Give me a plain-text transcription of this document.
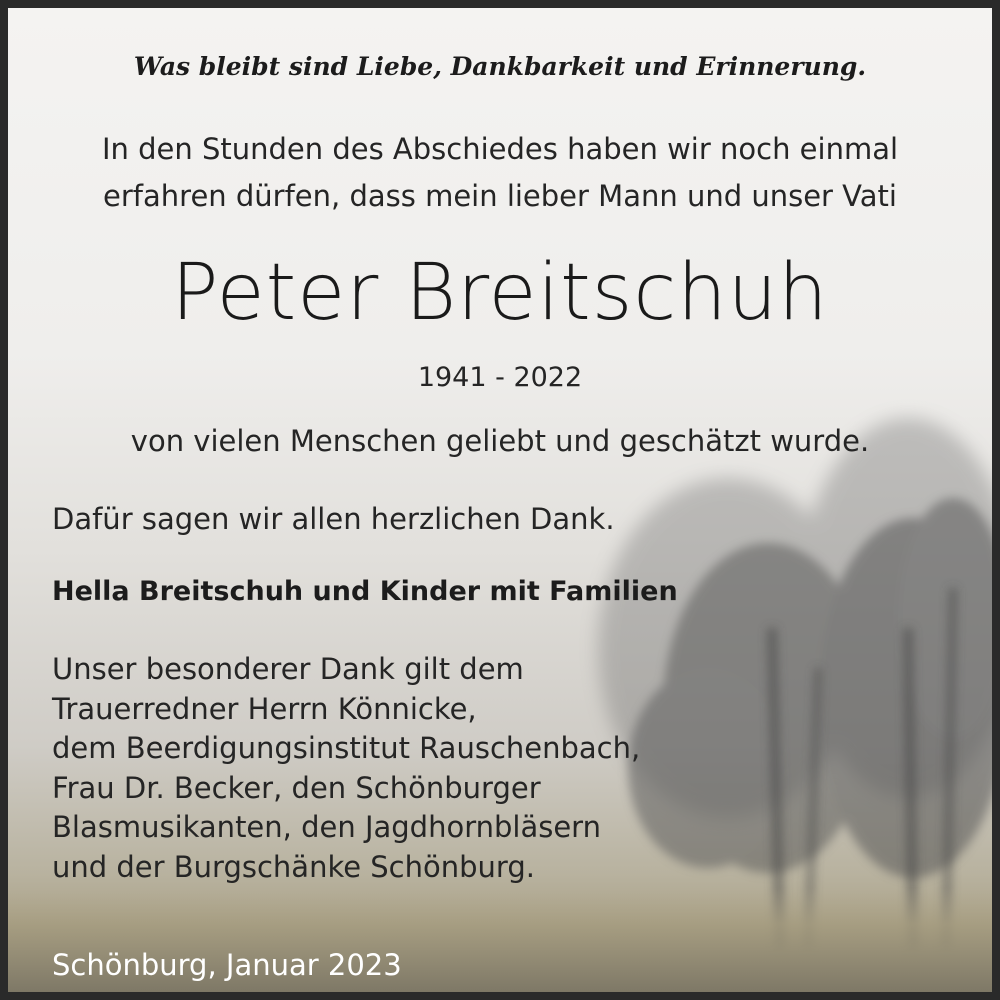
Was bleibt sind Liebe, Dankbarkeit und Erinnerung.

In den Stunden des Abschiedes haben wir noch einmal
erfahren dürfen, dass mein lieber Mann und unser Vati
Peter Breitschuh

1941 - 2022

von vielen Menschen geliebt und geschätzt wurde.

Dafür sagen wir allen herzlichen Dank.

Hella Breitschuh und Kinder mit Familien

Unser besonderer Dank gilt dem
Trauerredner Herrn Könnicke,
dem Beerdigungsinstitut Rauschenbach,
Frau Dr. Becker, den Schönburger
Blasmusikanten, den Jagdhornbläsern
und der Burgschänke Schönburg.

Schönburg, Januar 2023
